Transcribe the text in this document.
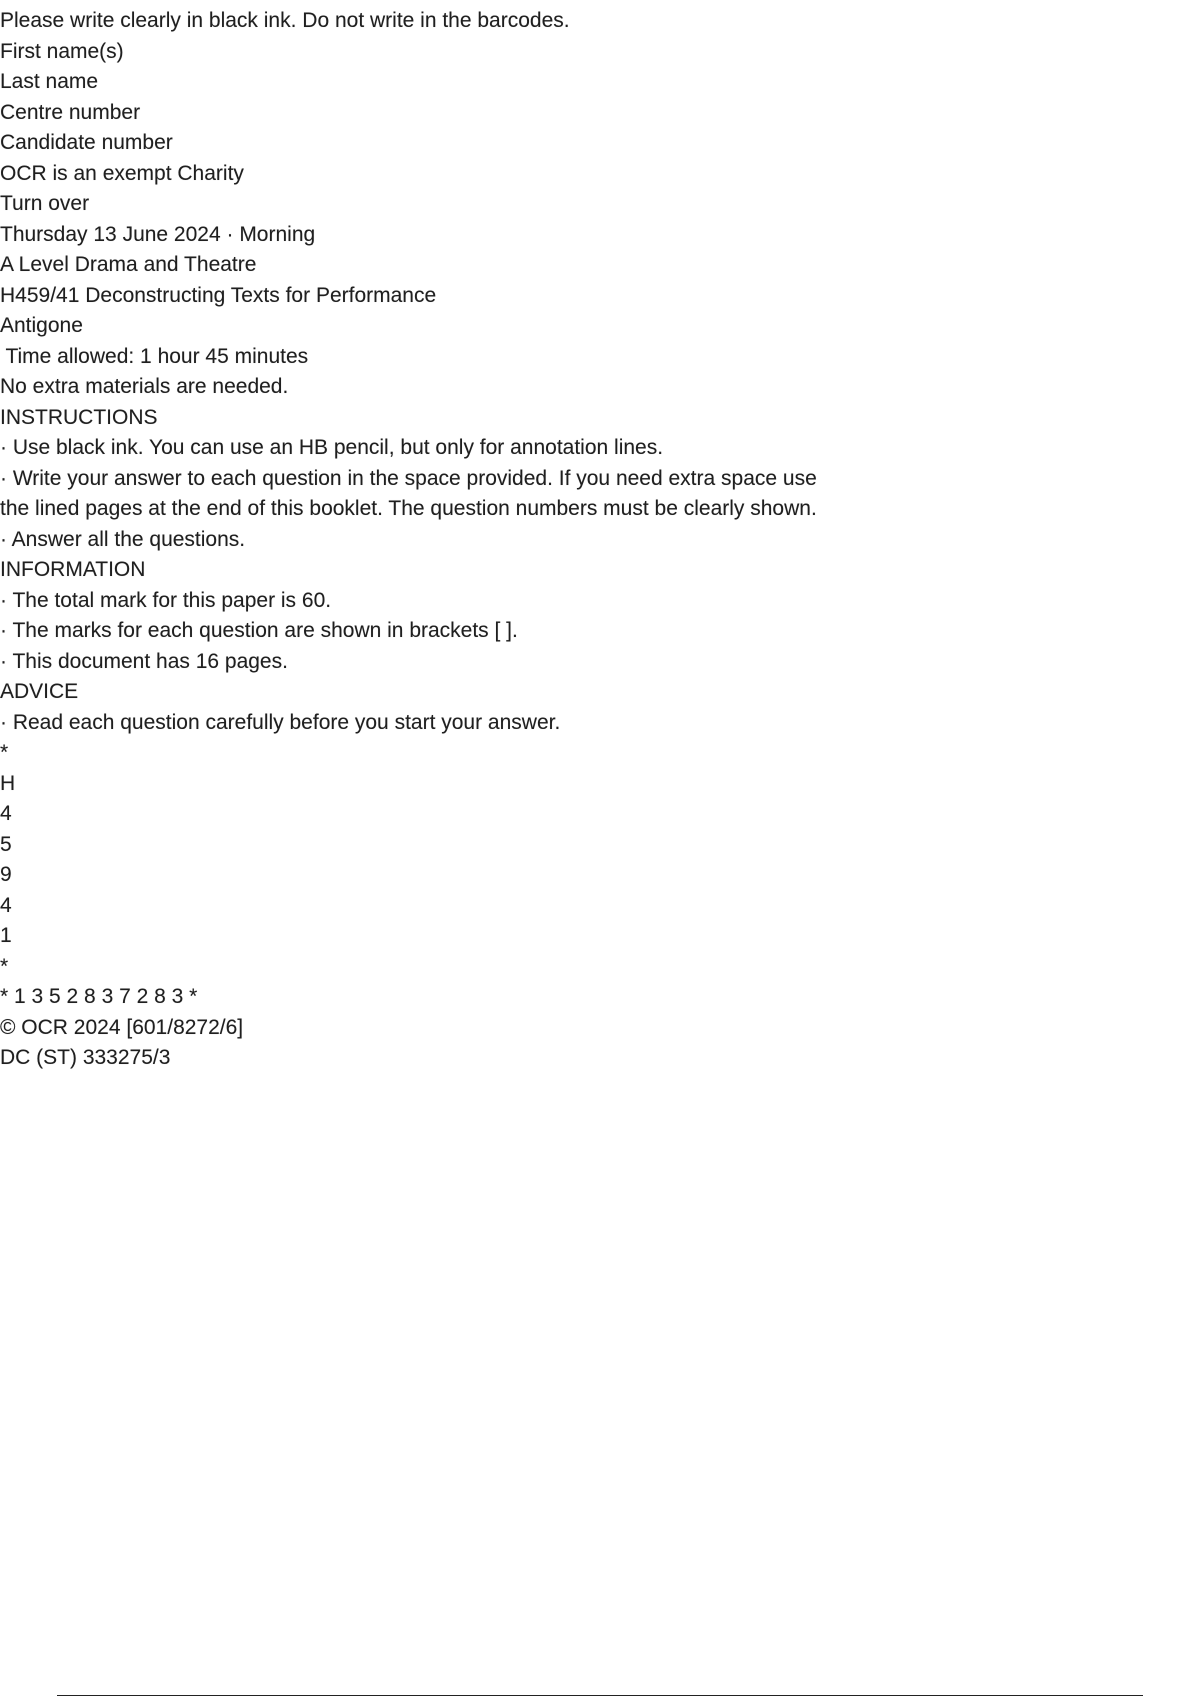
Please write clearly in black ink. Do not write in the barcodes.
First name(s)
Last name
Centre number
Candidate number
OCR is an exempt Charity
Turn over
Thursday 13 June 2024 · Morning
A Level Drama and Theatre
H459/41 Deconstructing Texts for Performance
Antigone
Time allowed: 1 hour 45 minutes
No extra materials are needed.
INSTRUCTIONS
· Use black ink. You can use an HB pencil, but only for annotation lines.
· Write your answer to each question in the space provided. If you need extra space use
the lined pages at the end of this booklet. The question numbers must be clearly shown.
· Answer all the questions.
INFORMATION
· The total mark for this paper is 60.
· The marks for each question are shown in brackets [ ].
· This document has 16 pages.
ADVICE
· Read each question carefully before you start your answer.
*
H
4
5
9
4
1
*
* 1 3 5 2 8 3 7 2 8 3 *
© OCR 2024 [601/8272/6]
DC (ST) 333275/3
